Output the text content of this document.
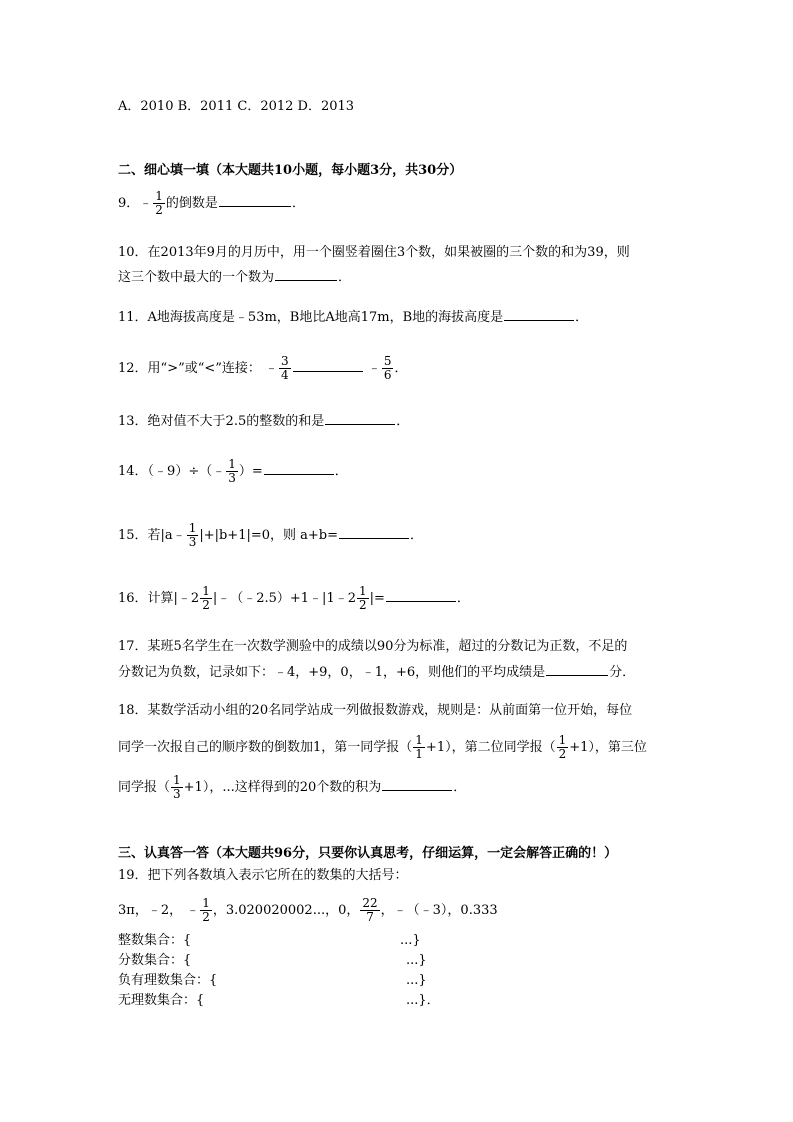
A．2010 B．2011 C．2012 D．2013
二、细心填一填（本大题共10小题，每小题3分，共30分）
9．﹣ $\frac{1}{2}$ 的倒数是	．
10．在2013年9月的月历中，用一个圈竖着圈住3个数，如果被圈的三个数的和为39，则
这三个数中最大的一个数为	．
11．A地海拔高度是﹣53m，B地比A地高17m，B地的海拔高度是	．
12．用“>”或“<”连接： ﹣ $\frac{3}{4}$	﹣ $\frac{5}{6}$ ．
13．绝对值不大于2.5的整数的和是	．
14．（﹣9）÷（﹣ $\frac{1}{3}$ ）=	．
15．若|a﹣ $\frac{1}{3} |+|b+1|=0$，则 a+b=	．
16．计算|﹣2 $\frac{1}{2}$ |﹣（﹣2.5）+1﹣|1﹣2 $\frac{1}{2}$ |=	．
17．某班5名学生在一次数学测验中的成绩以90分为标准，超过的分数记为正数，不足的
分数记为负数，记录如下：﹣4，+9，0，﹣1，+6，则他们的平均成绩是	分．
18．某数学活动小组的20名同学站成一列做报数游戏，规则是：从前面第一位开始，每位
同学一次报自己的顺序数的倒数加1，第一同学报（ $\frac{1}{1} +1$），第二位同学报（ $\frac{1}{2} +1$），第三位
同学报（ $\frac{1}{3} +1$），...这样得到的20个数的积为	．
三、认真答一答（本大题共96分，只要你认真思考，仔细运算，一定会解答正确的！）
19．把下列各数填入表示它所在的数集的大括号：
3π，﹣2， ﹣ $\frac{1}{2}$ ，3.020020002...，0， $\frac{22}{7}$ ，﹣（﹣3），0.333
整数集合：{	...}
分数集合：{	...}
负有理数集合：{	...}
无理数集合：{	...}．
